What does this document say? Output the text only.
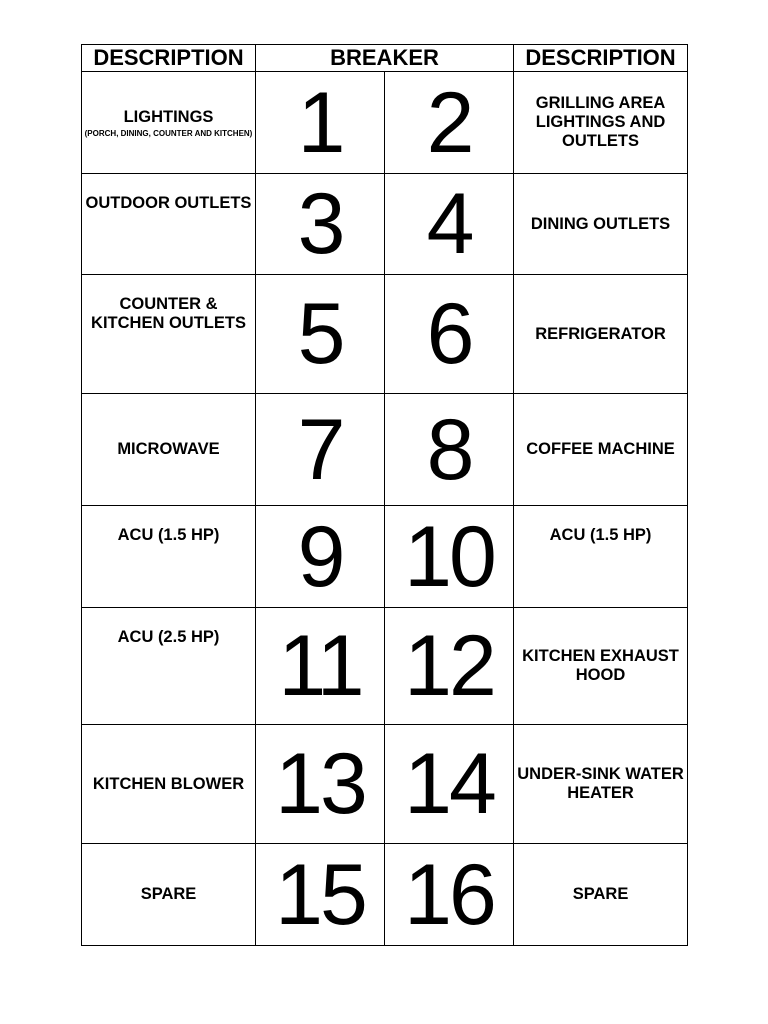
DESCRIPTION	BREAKER		DESCRIPTION

LIGHTINGS
(PORCH, DINING, COUNTER AND KITCHEN)	1	2	GRILLING AREA LIGHTINGS AND OUTLETS
OUTDOOR OUTLETS	3	4	DINING OUTLETS
COUNTER & KITCHEN OUTLETS	5	6	REFRIGERATOR
MICROWAVE	7	8	COFFEE MACHINE
ACU (1.5 HP)	9	10	ACU (1.5 HP)
ACU (2.5 HP)	11	12	KITCHEN EXHAUST HOOD
KITCHEN BLOWER	13	14	UNDER-SINK WATER HEATER
SPARE	15	16	SPARE
